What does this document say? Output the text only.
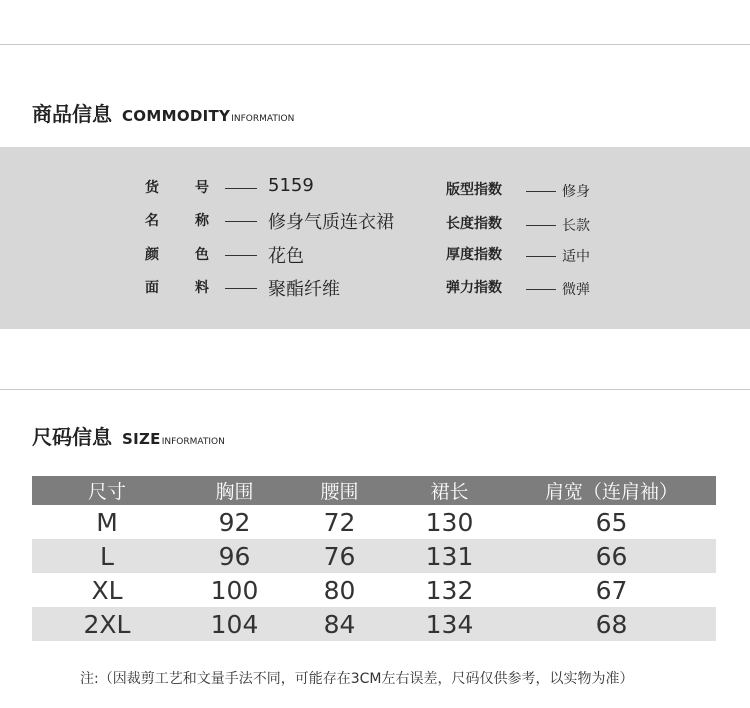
商品信息 COMMODITYINFORMATION
货	号	5159
名	称	修身气质连衣裙
颜	色	花色
面	料	聚酯纤维
版型指数	修身
长度指数	长款
厚度指数	适中
弹力指数	微弹
尺码信息 SIZEINFORMATION
尺寸	胸围	腰围	裙长	肩宽（连肩袖）
M	92	72	130	65
L	96	76	131	66
XL	100	80	132	67
2XL	104	84	134	68
注:（因裁剪工艺和文量手法不同，可能存在3CM左右误差，尺码仅供参考，以实物为准）
